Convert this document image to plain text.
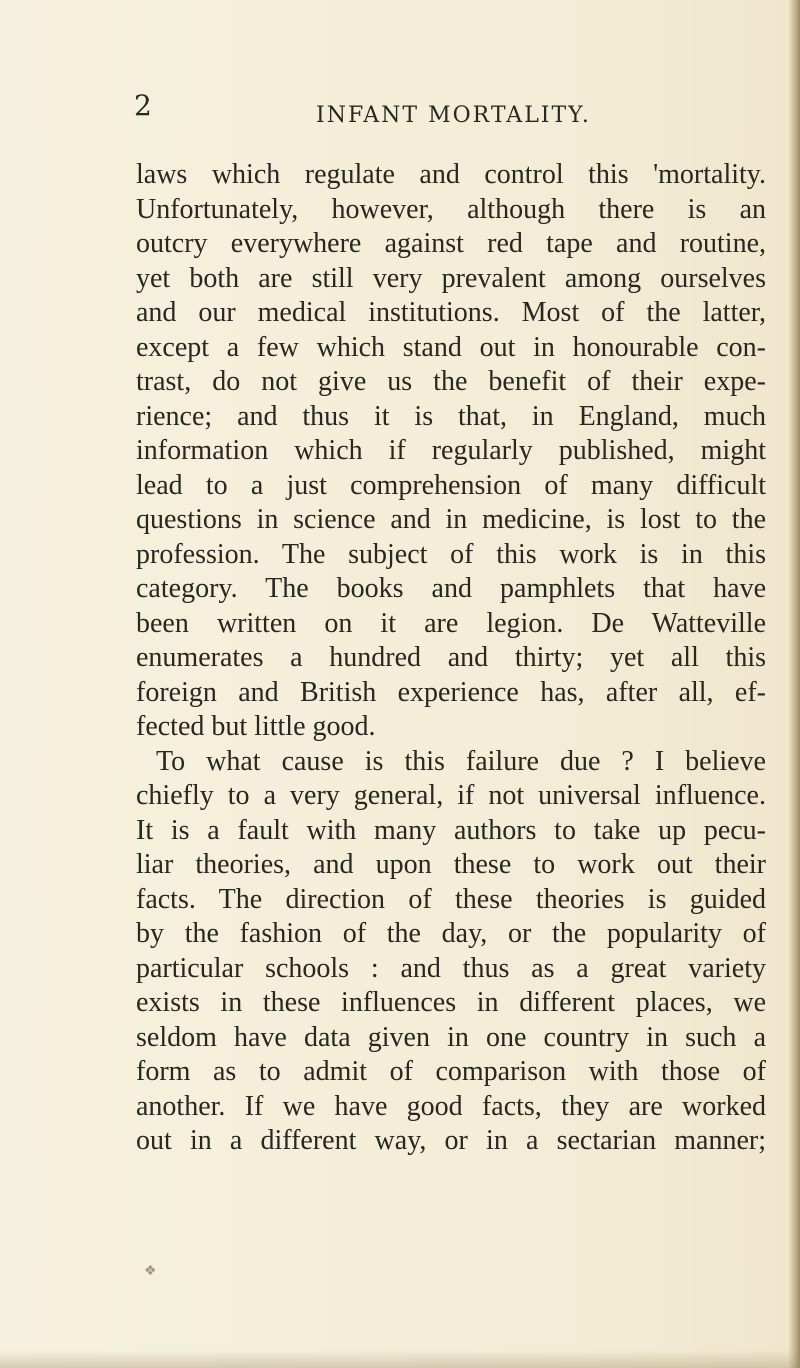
2	INFANT MORTALITY.
laws which regulate and control this 'mortality.
Unfortunately, however, although there is an
outcry everywhere against red tape and routine,
yet both are still very prevalent among ourselves
and our medical institutions. Most of the latter,
except a few which stand out in honourable con-
trast, do not give us the benefit of their expe-
rience; and thus it is that, in England, much
information which if regularly published, might
lead to a just comprehension of many difficult
questions in science and in medicine, is lost to the
profession. The subject of this work is in this
category. The books and pamphlets that have
been written on it are legion. De Watteville
enumerates a hundred and thirty; yet all this
foreign and British experience has, after all, ef-
fected but little good.
To what cause is this failure due ? I believe
chiefly to a very general, if not universal influence.
It is a fault with many authors to take up pecu-
liar theories, and upon these to work out their
facts. The direction of these theories is guided
by the fashion of the day, or the popularity of
particular schools : and thus as a great variety
exists in these influences in different places, we
seldom have data given in one country in such a
form as to admit of comparison with those of
another. If we have good facts, they are worked
out in a different way, or in a sectarian manner;
❖
